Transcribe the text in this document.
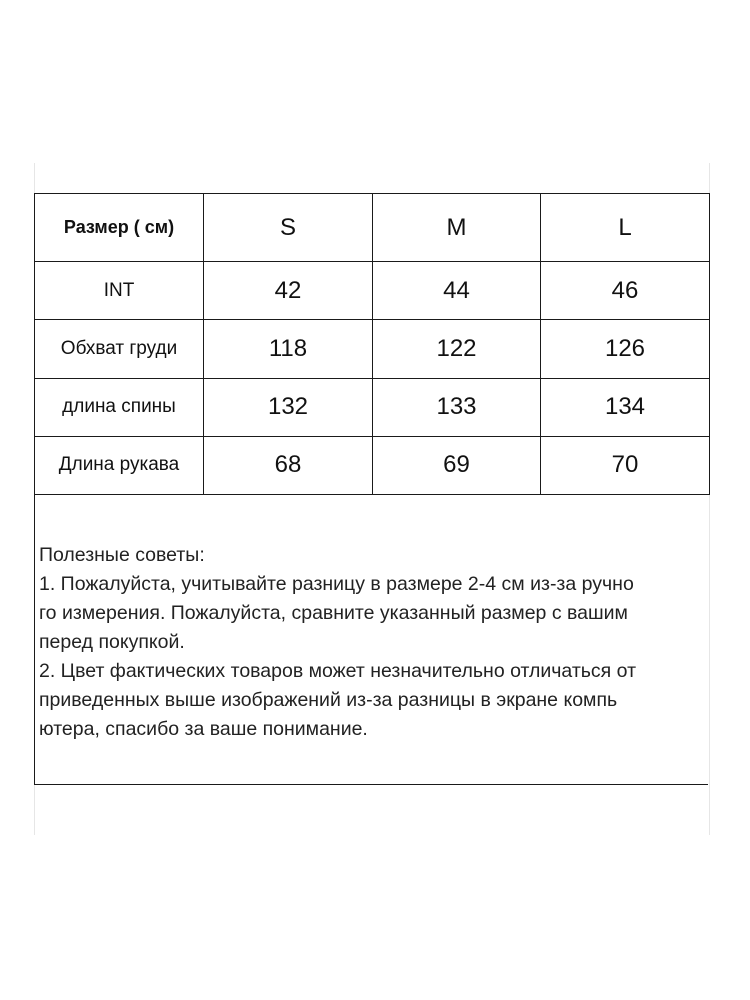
Размер ( см)	S	M	L
INT	42	44	46
Обхват груди	118	122	126
длина спины	132	133	134
Длина рукава	68	69	70

Полезные советы:

1. Пожалуйста, учитывайте разницу в размере 2-4 см из-за ручно

го измерения. Пожалуйста, сравните указанный размер с вашим

перед покупкой.

2. Цвет фактических товаров может незначительно отличаться от

приведенных выше изображений из-за разницы в экране компь

ютера, спасибо за ваше понимание.
